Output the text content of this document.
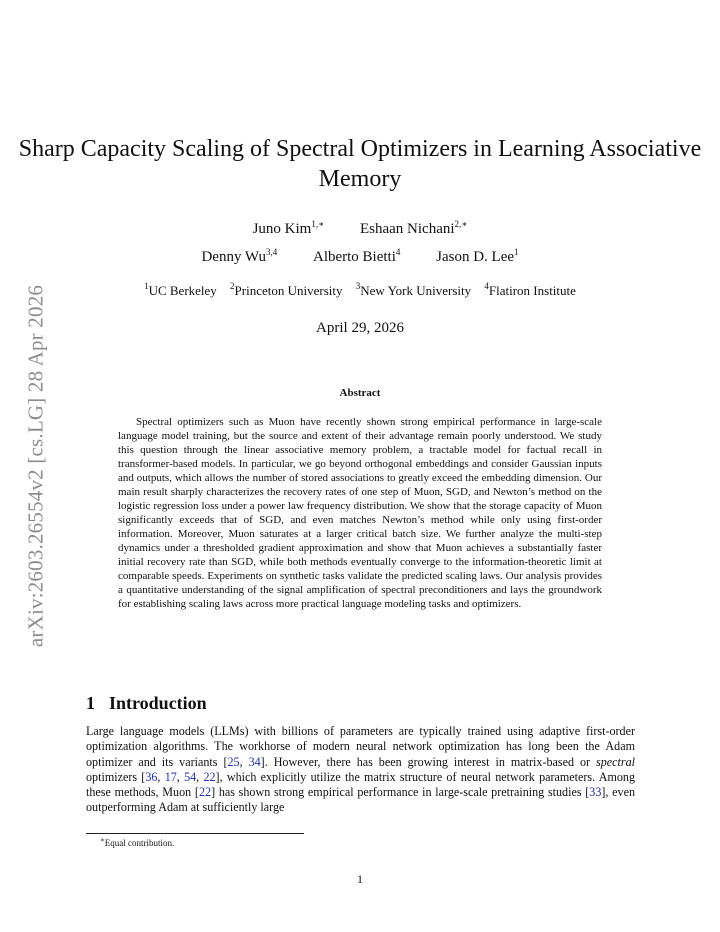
arXiv:2603.26554v2 [cs.LG] 28 Apr 2026
Sharp Capacity Scaling of Spectral Optimizers in Learning Associative Memory
Juno Kim$^{1,∗}$ Eshaan Nichani$^{2,∗}$
Denny Wu$^{3,4}$ Alberto Bietti$^4$ Jason D. Lee$^1$
$^1$UC Berkeley $^2$Princeton University $^3$New York University $^4$Flatiron Institute
April 29, 2026
Abstract

Spectral optimizers such as Muon have recently shown strong empirical performance in large-scale language model training, but the source and extent of their advantage remain poorly understood. We study this question through the linear associative memory problem, a tractable model for factual recall in transformer-based models. In particular, we go beyond orthogonal embeddings and consider Gaussian inputs and outputs, which allows the number of stored associations to greatly exceed the embedding dimension. Our main result sharply characterizes the recovery rates of one step of Muon, SGD, and Newton’s method on the logistic regression loss under a power law frequency distribution. We show that the storage capacity of Muon significantly exceeds that of SGD, and even matches Newton’s method while only using first-order information. Moreover, Muon saturates at a larger critical batch size. We further analyze the multi-step dynamics under a thresholded gradient approximation and show that Muon achieves a substantially faster initial recovery rate than SGD, while both methods eventually converge to the information-theoretic limit at comparable speeds. Experiments on synthetic tasks validate the predicted scaling laws. Our analysis provides a quantitative understanding of the signal amplification of spectral preconditioners and lays the groundwork for establishing scaling laws across more practical language modeling tasks and optimizers.

1 Introduction

Large language models (LLMs) with billions of parameters are typically trained using adaptive first-order optimization algorithms. The workhorse of modern neural network optimization has long been the Adam optimizer and its variants [25, 34]. However, there has been growing interest in matrix-based or spectral optimizers [36, 17, 54, 22], which explicitly utilize the matrix structure of neural network parameters. Among these methods, Muon [22] has shown strong empirical performance in large-scale pretraining studies [33], even outperforming Adam at sufficiently large

∗Equal contribution.
1
